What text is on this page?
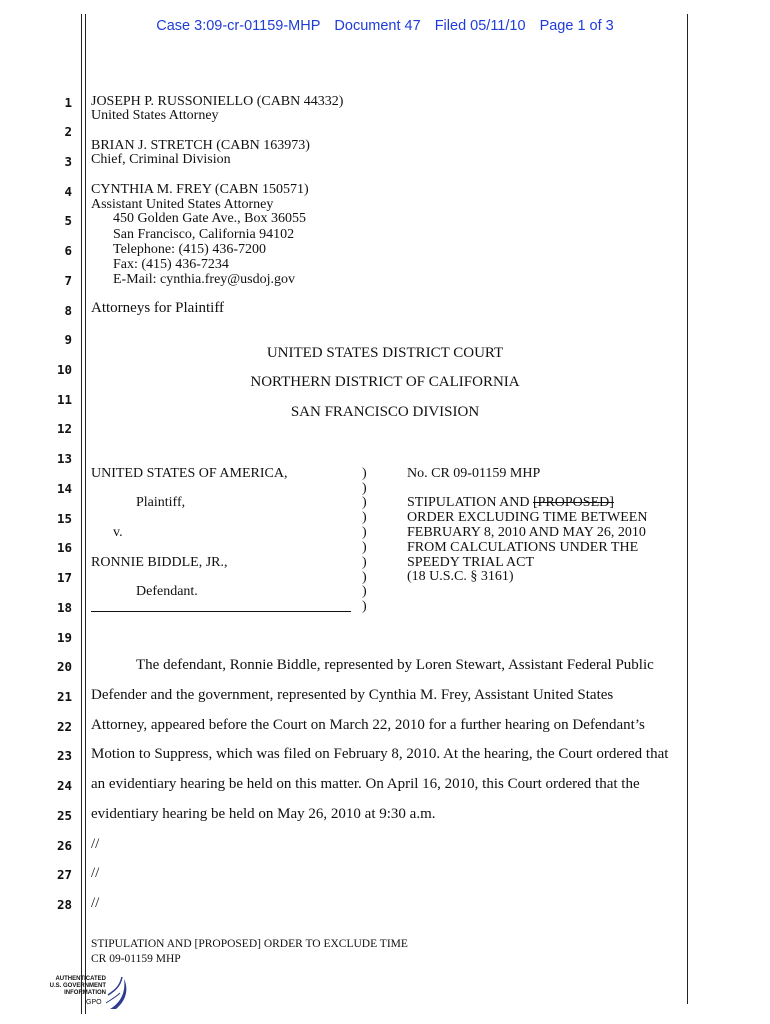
Case 3:09-cr-01159-MHP Document 47 Filed 05/11/10 Page 1 of 3
1
2
3
4
5
6
7
8
9
10
11
12
13
14
15
16
17
18
19
20
21
22
23
24
25
26
27
28
JOSEPH P. RUSSONIELLO (CABN 44332)
United States Attorney
BRIAN J. STRETCH (CABN 163973)
Chief, Criminal Division
CYNTHIA M. FREY (CABN 150571)
Assistant United States Attorney
450 Golden Gate Ave., Box 36055
San Francisco, California 94102
Telephone: (415) 436-7200
Fax: (415) 436-7234
E-Mail: cynthia.frey@usdoj.gov
Attorneys for Plaintiff
UNITED STATES DISTRICT COURT
NORTHERN DISTRICT OF CALIFORNIA
SAN FRANCISCO DIVISION
UNITED STATES OF AMERICA,
Plaintiff,
v.
RONNIE BIDDLE, JR.,
Defendant.
)
)
)
)
)
)
)
)
)
)
No. CR 09-01159 MHP
STIPULATION AND [PROPOSED]
ORDER EXCLUDING TIME BETWEEN
FEBRUARY 8, 2010 AND MAY 26, 2010
FROM CALCULATIONS UNDER THE
SPEEDY TRIAL ACT
(18 U.S.C. § 3161)
The defendant, Ronnie Biddle, represented by Loren Stewart, Assistant Federal Public
Defender and the government, represented by Cynthia M. Frey, Assistant United States
Attorney, appeared before the Court on March 22, 2010 for a further hearing on Defendant’s
Motion to Suppress, which was filed on February 8, 2010. At the hearing, the Court ordered that
an evidentiary hearing be held on this matter. On April 16, 2010, this Court ordered that the
evidentiary hearing be held on May 26, 2010 at 9:30 a.m.
//
//
//
STIPULATION AND [PROPOSED] ORDER TO EXCLUDE TIME
CR 09-01159 MHP
AUTHENTICATED
U.S. GOVERNMENT
INFORMATION
GPO
